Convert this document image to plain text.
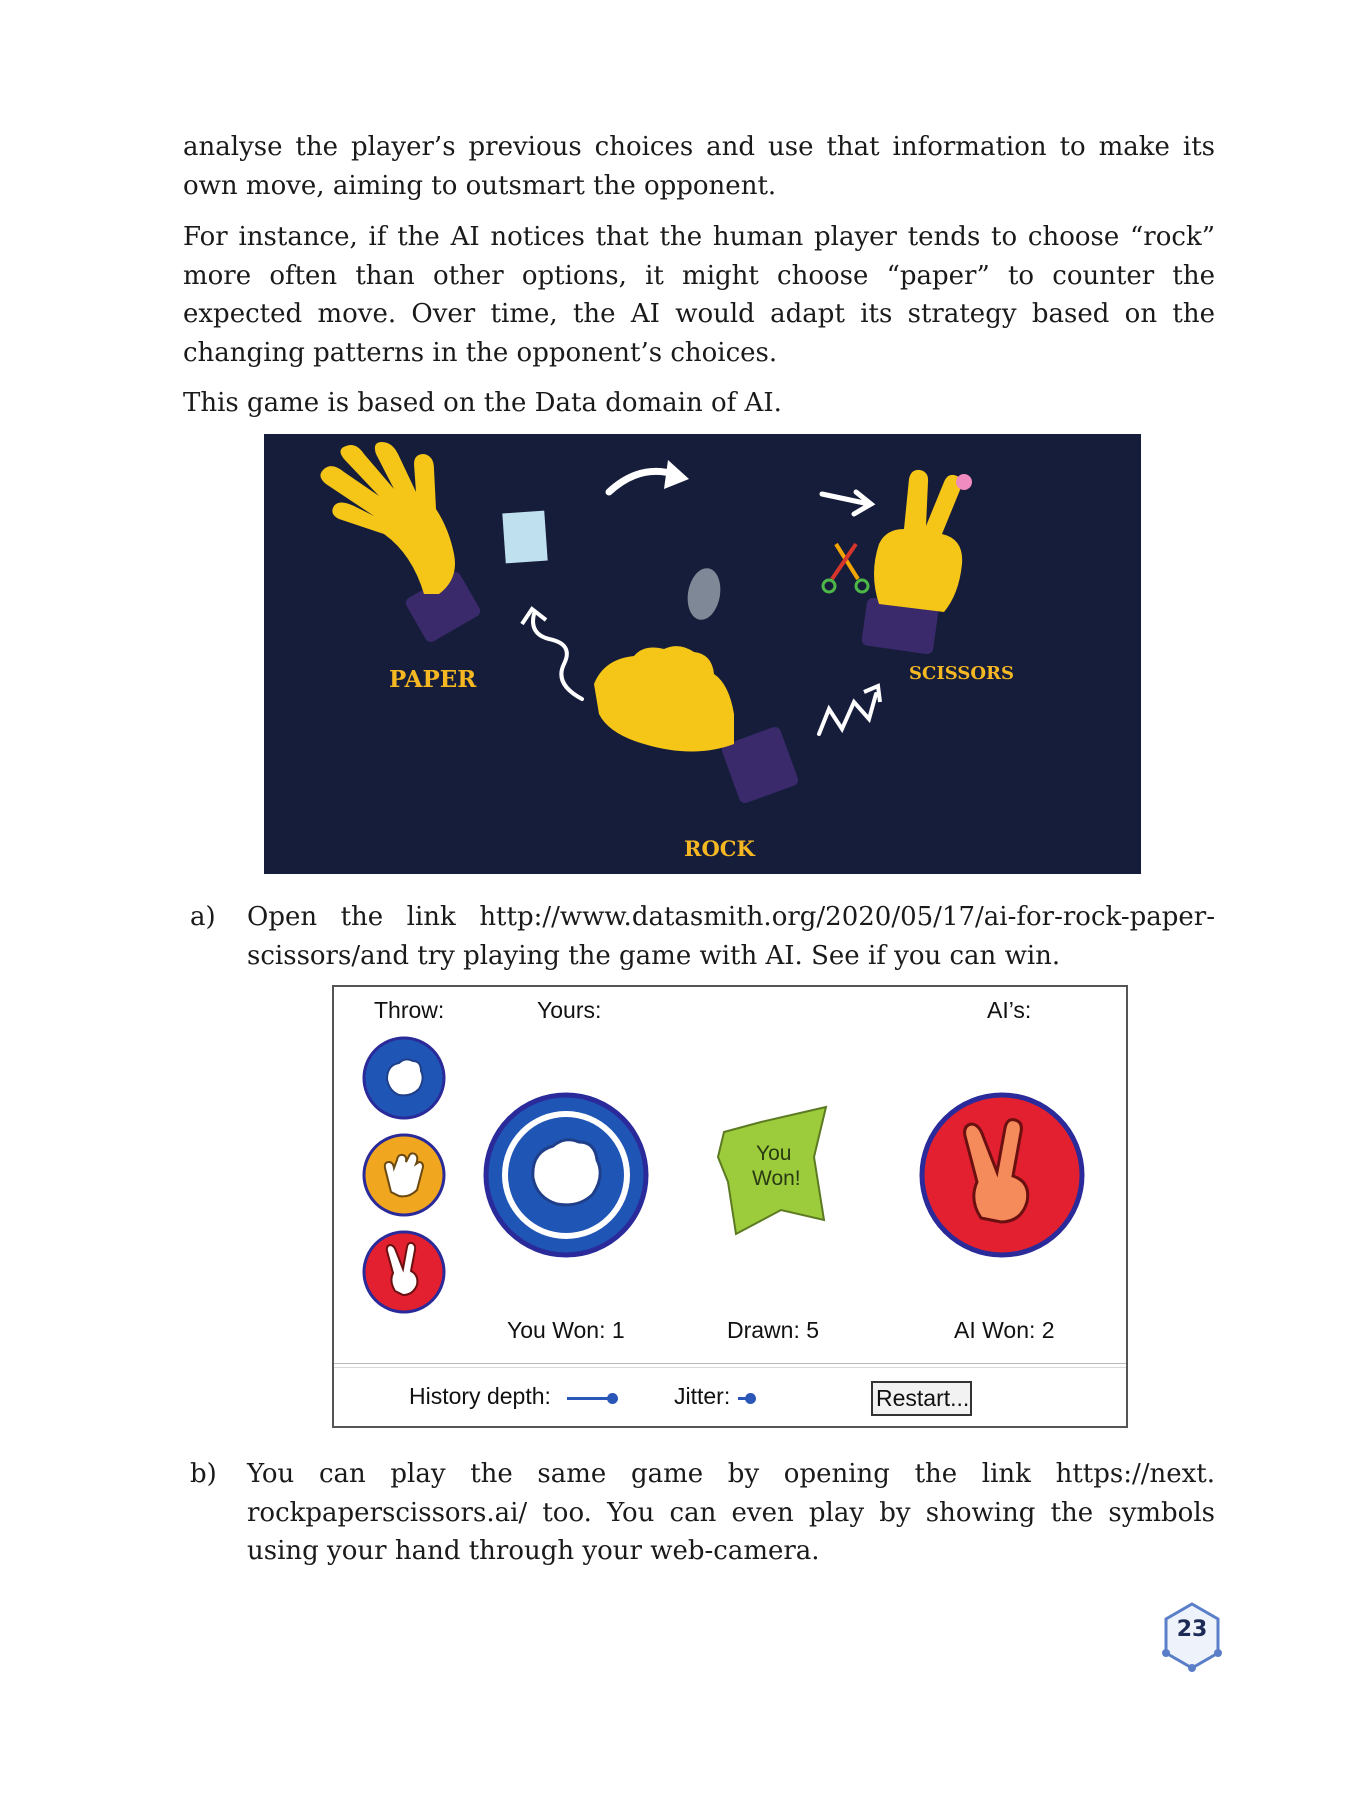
analyse the player’s previous choices and use that information to make its own move, aiming to outsmart the opponent.

For instance, if the AI notices that the human player tends to choose “rock” more often than other options, it might choose “paper” to counter the expected move. Over time, the AI would adapt its strategy based on the changing patterns in the opponent’s choices.

This game is based on the Data domain of AI.

PAPER
ROCK
SCISSORS
a)	Open the link http://www.datasmith.org/2020/05/17/ai-for-rock-paper-scissors/and try playing the game with AI. See if you can win.
Throw:	Yours:	AI’s:
You
Won!
You Won: 1	Drawn: 5	AI Won: 2
History depth:	Jitter:	Restart...
b)	You can play the same game by opening the link https://next. rockpaperscissors.ai/ too. You can even play by showing the symbols using your hand through your web-camera.
23
